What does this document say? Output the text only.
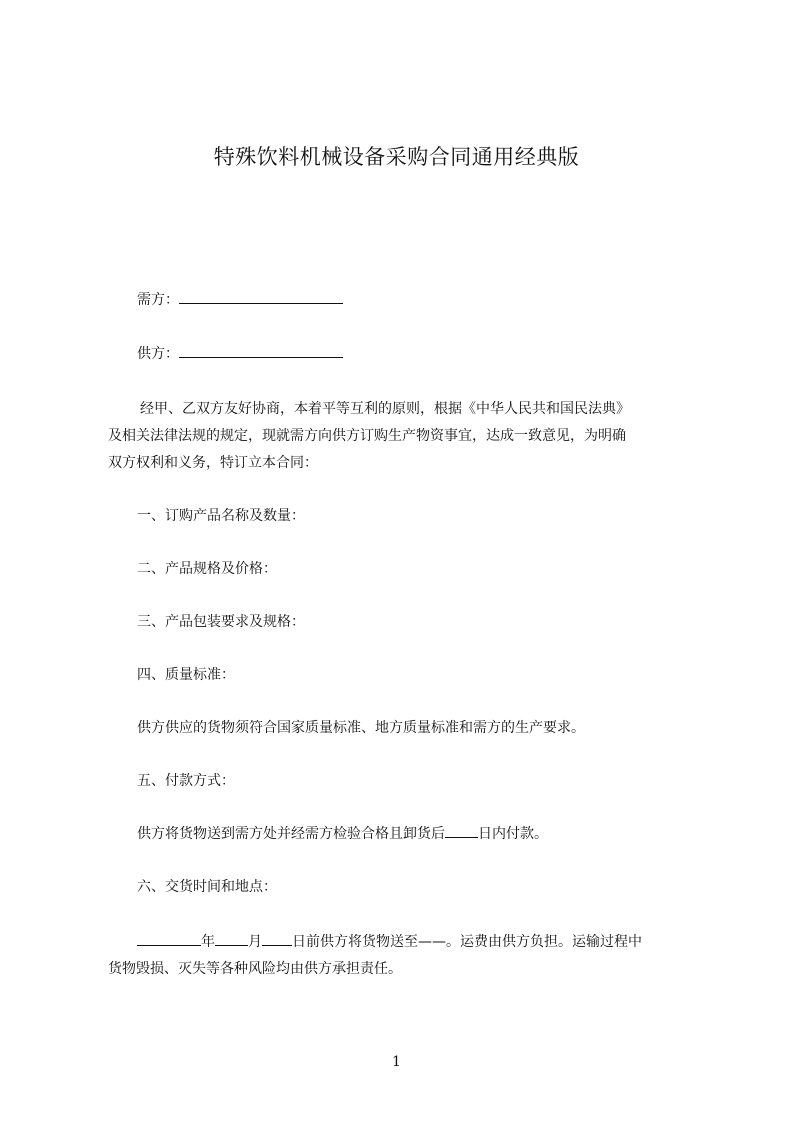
特殊饮料机械设备采购合同通用经典版
需方：
供方：
经甲、乙双方友好协商，本着平等互利的原则，根据《中华人民共和国民法典》
及相关法律法规的规定，现就需方向供方订购生产物资事宜，达成一致意见，为明确
双方权利和义务，特订立本合同：
一、订购产品名称及数量：
二、产品规格及价格：
三、产品包装要求及规格：
四、质量标准：
供方供应的货物须符合国家质量标准、地方质量标准和需方的生产要求。
五、付款方式：
供方将货物送到需方处并经需方检验合格且卸货后 日内付款。
六、交货时间和地点：
年 月 日前供方将货物送至——。运费由供方负担。运输过程中
货物毁损、灭失等各种风险均由供方承担责任。
1
